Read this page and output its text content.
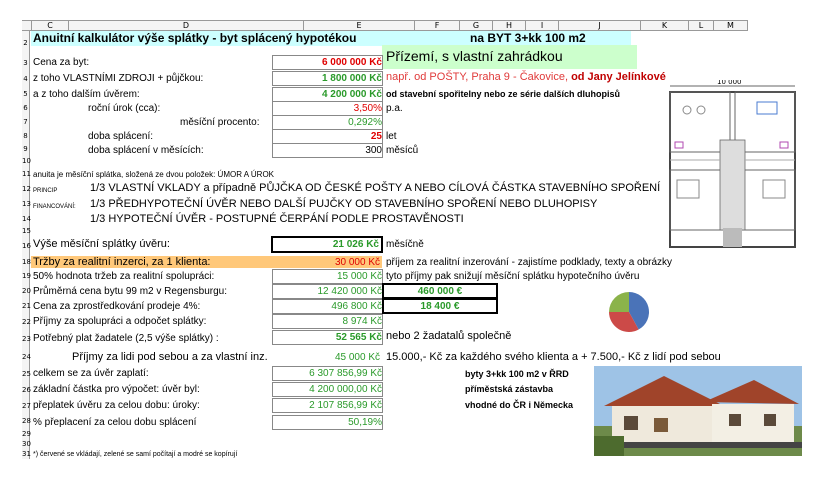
C	D	E	F	G	H	I	J	K	L	M
2
3
4
5
6
7
8
9
10
11
12
13
14
15
16
18
19
20
21
22
23
24
25
26
27
28
29
30
31
Anuitní kalkulátor výše splátky - byt splácený hypotékou	na BYT 3+kk 100 m2
Přízemí, s vlastní zahrádkou
např. od POŠTY, Praha 9 - Čakovice, od Jany Jelínkové
od stavební spořitelny nebo ze série dalších dluhopisů
Cena za byt:	6 000 000 Kč
z toho VLASTNÍMI ZDROJI + půjčkou:	1 800 000 Kč
a z toho dalším úvěrem:	4 200 000 Kč
roční úrok (cca):	3,50% p.a.
měsíční procento:	0,292%
doba splácení:	25 let
doba splácení v měsících:	300 měsíců
anuita je měsíční splátka, složená ze dvou položek: ÚMOR A ÚROK
PRINCIP	1/3 VLASTNÍ VKLADY a případně PŮJČKA OD ČESKÉ POŠTY A NEBO CÍLOVÁ ČÁSTKA STAVEBNÍHO SPOŘENÍ
FINANCOVÁNÍ: 1/3 PŘEDHYPOTEČNÍ ÚVĚR NEBO DALŠÍ PUJČKY OD STAVEBNÍHO SPOŘENÍ NEBO DLUHOPISY
1/3 HYPOTEČNÍ ÚVĚR - POSTUPNÉ ČERPÁNÍ PODLE PROSTAVĚNOSTI
Výše měsíční splátky úvěru:	21 026 Kč měsíčně
Tržby za realitní inzerci, za 1 klienta:	30 000 Kč příjem za realitní inzerování - zajistíme podklady, texty a obrázky
50% hodnota tržeb za realitní spolupráci:	15 000 Kč tyto příjmy pak snižují měsíční splátku hypotečního úvěru
Průměrná cena bytu 99 m2 v Regensburgu:	12 420 000 Kč	460 000 €
Cena za zprostředkování prodeje 4%:	496 800 Kč	18 400 €
Příjmy za spolupráci a odpočet splátky:	8 974 Kč
Potřebný plat žadatele (2,5 výše splátky) :	52 565 Kč nebo 2 žadatalů společně
Příjmy za lidi pod sebou a za vlastní inz.	45 000 Kč 15.000,- Kč za každého svého klienta a + 7.500,- Kč z lidí pod sebou
celkem se za úvěr zaplatí:	6 307 856,99 Kč
základní částka pro výpočet: úvěr byl:	4 200 000,00 Kč
přeplatek úvěru za celou dobu: úroky:	2 107 856,99 Kč
% přeplacení za celou dobu splácení	50,19%
byty 3+kk 100 m2 v ŘRD
příměstská zástavba
vhodné do ČR i Německa
*) červené se vkládají, zelené se samí počítají a modré se kopírují
10 000
